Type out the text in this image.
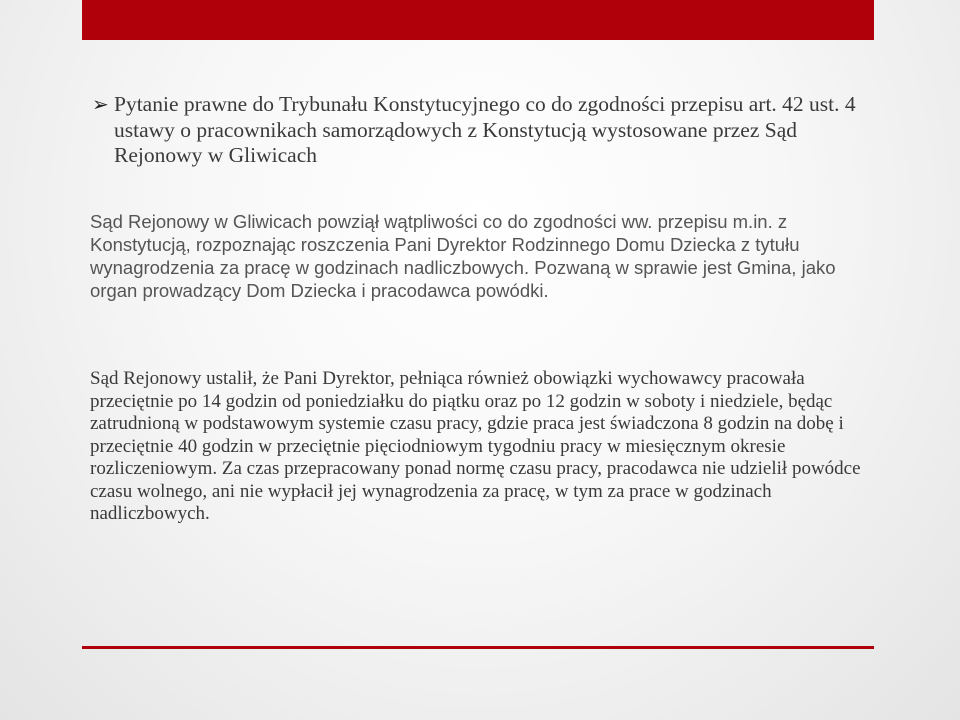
➢ Pytanie prawne do Trybunału Konstytucyjnego co do zgodności przepisu art. 42 ust. 4 ustawy o pracownikach samorządowych z Konstytucją wystosowane przez Sąd Rejonowy w Gliwicach

Sąd Rejonowy w Gliwicach powziął wątpliwości co do zgodności ww. przepisu m.in. z Konstytucją, rozpoznając roszczenia Pani Dyrektor Rodzinnego Domu Dziecka z tytułu wynagrodzenia za pracę w godzinach nadliczbowych. Pozwaną w sprawie jest Gmina, jako organ prowadzący Dom Dziecka i pracodawca powódki.

Sąd Rejonowy ustalił, że Pani Dyrektor, pełniąca również obowiązki wychowawcy pracowała przeciętnie po 14 godzin od poniedziałku do piątku oraz po 12 godzin w soboty i niedziele, będąc zatrudnioną w podstawowym systemie czasu pracy, gdzie praca jest świadczona 8 godzin na dobę i przeciętnie 40 godzin w przeciętnie pięciodniowym tygodniu pracy w miesięcznym okresie rozliczeniowym. Za czas przepracowany ponad normę czasu pracy, pracodawca nie udzielił powódce czasu wolnego, ani nie wypłacił jej wynagrodzenia za pracę, w tym za prace w godzinach nadliczbowych.
